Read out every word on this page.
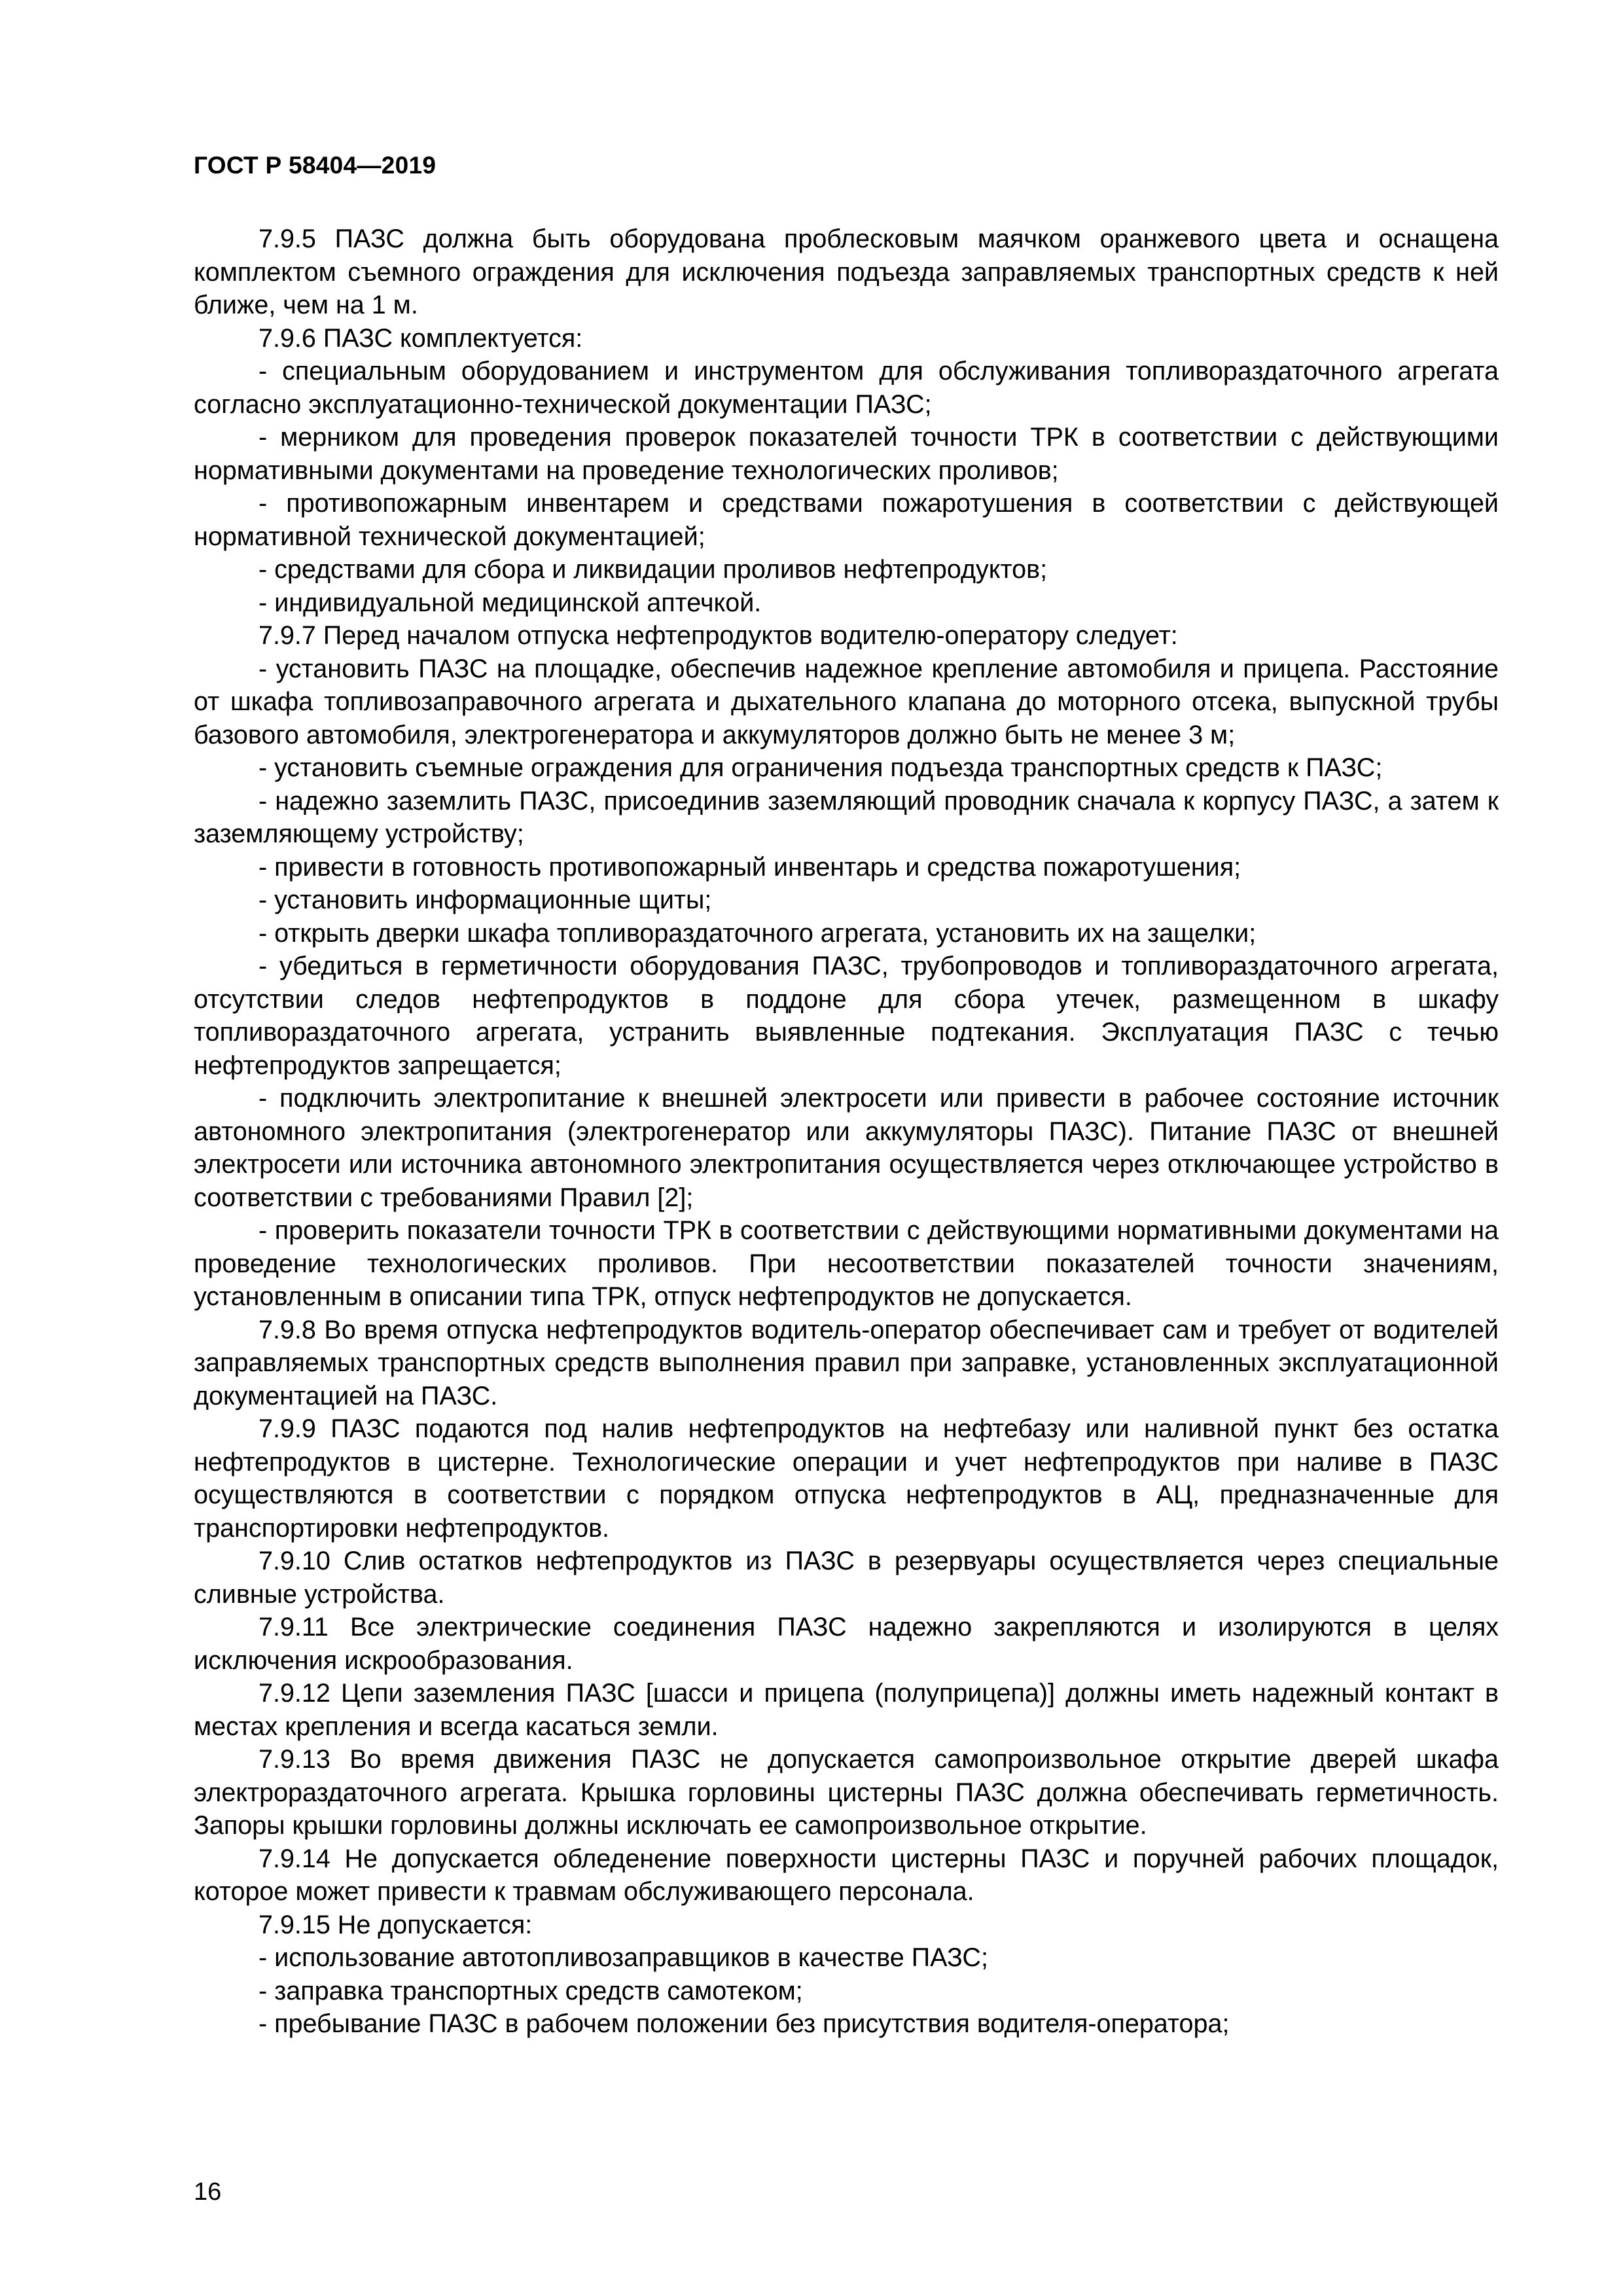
ГОСТ Р 58404—2019

7.9.5 ПАЗС должна быть оборудована проблесковым маячком оранжевого цвета и оснащена комплектом съемного ограждения для исключения подъезда заправляемых транспортных средств к ней ближе, чем на 1 м.

7.9.6 ПАЗС комплектуется:

- специальным оборудованием и инструментом для обслуживания топливораздаточного агрегата согласно эксплуатационно-технической документации ПАЗС;

- мерником для проведения проверок показателей точности ТРК в соответствии с действующими нормативными документами на проведение технологических проливов;

- противопожарным инвентарем и средствами пожаротушения в соответствии с действующей нормативной технической документацией;

- средствами для сбора и ликвидации проливов нефтепродуктов;

- индивидуальной медицинской аптечкой.

7.9.7 Перед началом отпуска нефтепродуктов водителю-оператору следует:

- установить ПАЗС на площадке, обеспечив надежное крепление автомобиля и прицепа. Расстояние от шкафа топливозаправочного агрегата и дыхательного клапана до моторного отсека, выпускной трубы базового автомобиля, электрогенератора и аккумуляторов должно быть не менее 3 м;

- установить съемные ограждения для ограничения подъезда транспортных средств к ПАЗС;

- надежно заземлить ПАЗС, присоединив заземляющий проводник сначала к корпусу ПАЗС, а затем к заземляющему устройству;

- привести в готовность противопожарный инвентарь и средства пожаротушения;

- установить информационные щиты;

- открыть дверки шкафа топливораздаточного агрегата, установить их на защелки;

- убедиться в герметичности оборудования ПАЗС, трубопроводов и топливораздаточного агрегата, отсутствии следов нефтепродуктов в поддоне для сбора утечек, размещенном в шкафу топливораздаточного агрегата, устранить выявленные подтекания. Эксплуатация ПАЗС с течью нефтепродуктов запрещается;

- подключить электропитание к внешней электросети или привести в рабочее состояние источник автономного электропитания (электрогенератор или аккумуляторы ПАЗС). Питание ПАЗС от внешней электросети или источника автономного электропитания осуществляется через отключающее устройство в соответствии с требованиями Правил [2];

- проверить показатели точности ТРК в соответствии с действующими нормативными документами на проведение технологических проливов. При несоответствии показателей точности значениям, установленным в описании типа ТРК, отпуск нефтепродуктов не допускается.

7.9.8 Во время отпуска нефтепродуктов водитель-оператор обеспечивает сам и требует от водителей заправляемых транспортных средств выполнения правил при заправке, установленных эксплуатационной документацией на ПАЗС.

7.9.9 ПАЗС подаются под налив нефтепродуктов на нефтебазу или наливной пункт без остатка нефтепродуктов в цистерне. Технологические операции и учет нефтепродуктов при наливе в ПАЗС осуществляются в соответствии с порядком отпуска нефтепродуктов в АЦ, предназначенные для транспортировки нефтепродуктов.

7.9.10 Слив остатков нефтепродуктов из ПАЗС в резервуары осуществляется через специальные сливные устройства.

7.9.11 Все электрические соединения ПАЗС надежно закрепляются и изолируются в целях исключения искрообразования.

7.9.12 Цепи заземления ПАЗС [шасси и прицепа (полуприцепа)] должны иметь надежный контакт в местах крепления и всегда касаться земли.

7.9.13 Во время движения ПАЗС не допускается самопроизвольное открытие дверей шкафа электрораздаточного агрегата. Крышка горловины цистерны ПАЗС должна обеспечивать герметичность. Запоры крышки горловины должны исключать ее самопроизвольное открытие.

7.9.14 Не допускается обледенение поверхности цистерны ПАЗС и поручней рабочих площадок, которое может привести к травмам обслуживающего персонала.

7.9.15 Не допускается:

- использование автотопливозаправщиков в качестве ПАЗС;

- заправка транспортных средств самотеком;

- пребывание ПАЗС в рабочем положении без присутствия водителя-оператора;

16
